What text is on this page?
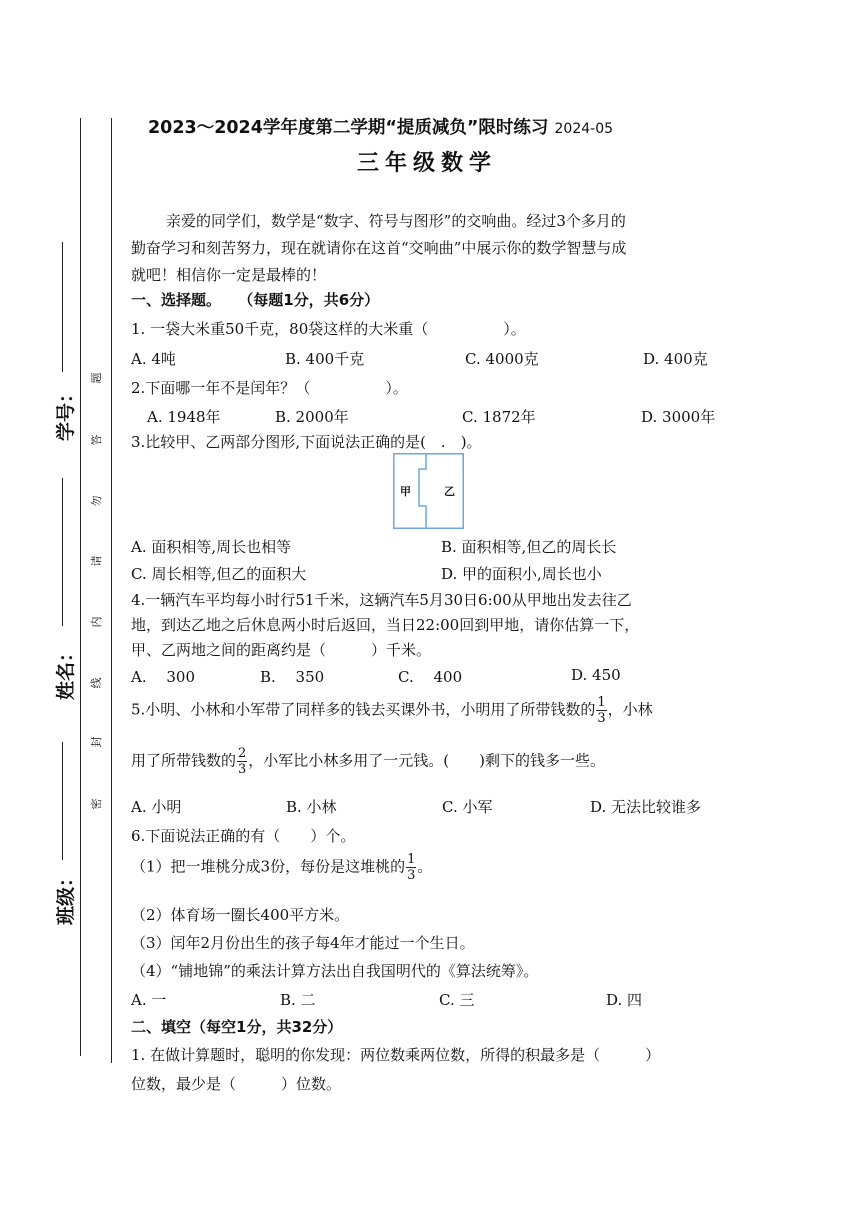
学号：
姓名：
班级：
密
封
线
内
请
勿
答
题
2023～2024学年度第二学期“提质减负”限时练习 2024-05
三年级数学
亲爱的同学们，数学是“数字、符号与图形”的交响曲。经过3个多月的
勤奋学习和刻苦努力，现在就请你在这首“交响曲”中展示你的数学智慧与成
就吧！相信你一定是最棒的！
一、选择题。 （每题1分，共6分）
1. 一袋大米重50千克，80袋这样的大米重（　　　　　）。
A. 4吨	B. 400千克	C. 4000克	D. 400克
2.下面哪一年不是闰年？（　　　　　）。
A. 1948年	B. 2000年	C. 1872年	D. 3000年
3.比较甲、乙两部分图形,下面说法正确的是(　.　)。
甲	乙
A. 面积相等,周长也相等	B. 面积相等,但乙的周长长
C. 周长相等,但乙的面积大	D. 甲的面积小,周长也小
4.一辆汽车平均每小时行51千米，这辆汽车5月30日6:00从甲地出发去往乙
地，到达乙地之后休息两小时后返回，当日22:00回到甲地，请你估算一下，
甲、乙两地之间的距离约是（　　　）千米。
A.　 300	B.　 350	C.　 400	D. 450
5.小明、小林和小军带了同样多的钱去买课外书，小明用了所带钱数的 $\frac{1}{3}$ ，小林
用了所带钱数的 $\frac{2}{3}$ ，小军比小林多用了一元钱。(　　)剩下的钱多一些。
A. 小明	B. 小林	C. 小军	D. 无法比较谁多
6.下面说法正确的有（　　）个。
（1）把一堆桃分成3份，每份是这堆桃的 $\frac{1}{3}$ 。
（2）体育场一圈长400平方米。
（3）闰年2月份出生的孩子每4年才能过一个生日。
（4）“铺地锦”的乘法计算方法出自我国明代的《算法统筹》。
A. 一	B. 二	C. 三	D. 四
二、填空（每空1分，共32分）
1. 在做计算题时，聪明的你发现：两位数乘两位数，所得的积最多是（　　　）
位数，最少是（　　　）位数。
